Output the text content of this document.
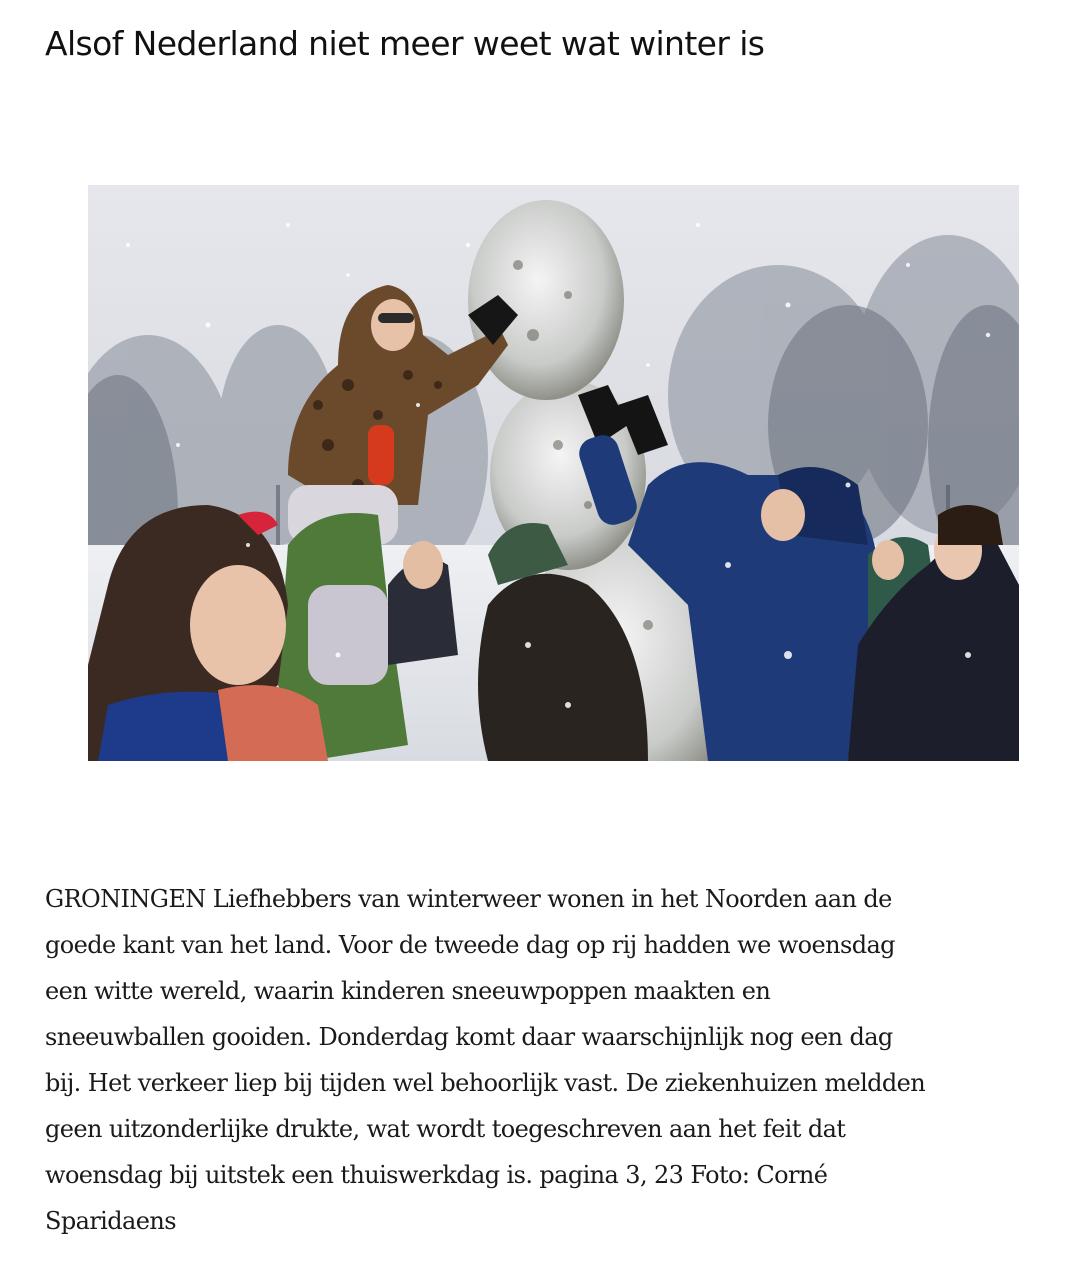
Alsof Nederland niet meer weet wat winter is

GRONINGEN Liefhebbers van winterweer wonen in het Noorden aan de
goede kant van het land. Voor de tweede dag op rij hadden we woensdag
een witte wereld, waarin kinderen sneeuwpoppen maakten en
sneeuwballen gooiden. Donderdag komt daar waarschijnlijk nog een dag
bij. Het verkeer liep bij tijden wel behoorlijk vast. De ziekenhuizen meldden
geen uitzonderlijke drukte, wat wordt toegeschreven aan het feit dat
woensdag bij uitstek een thuiswerkdag is. pagina 3, 23 Foto: Corné
Sparidaens
